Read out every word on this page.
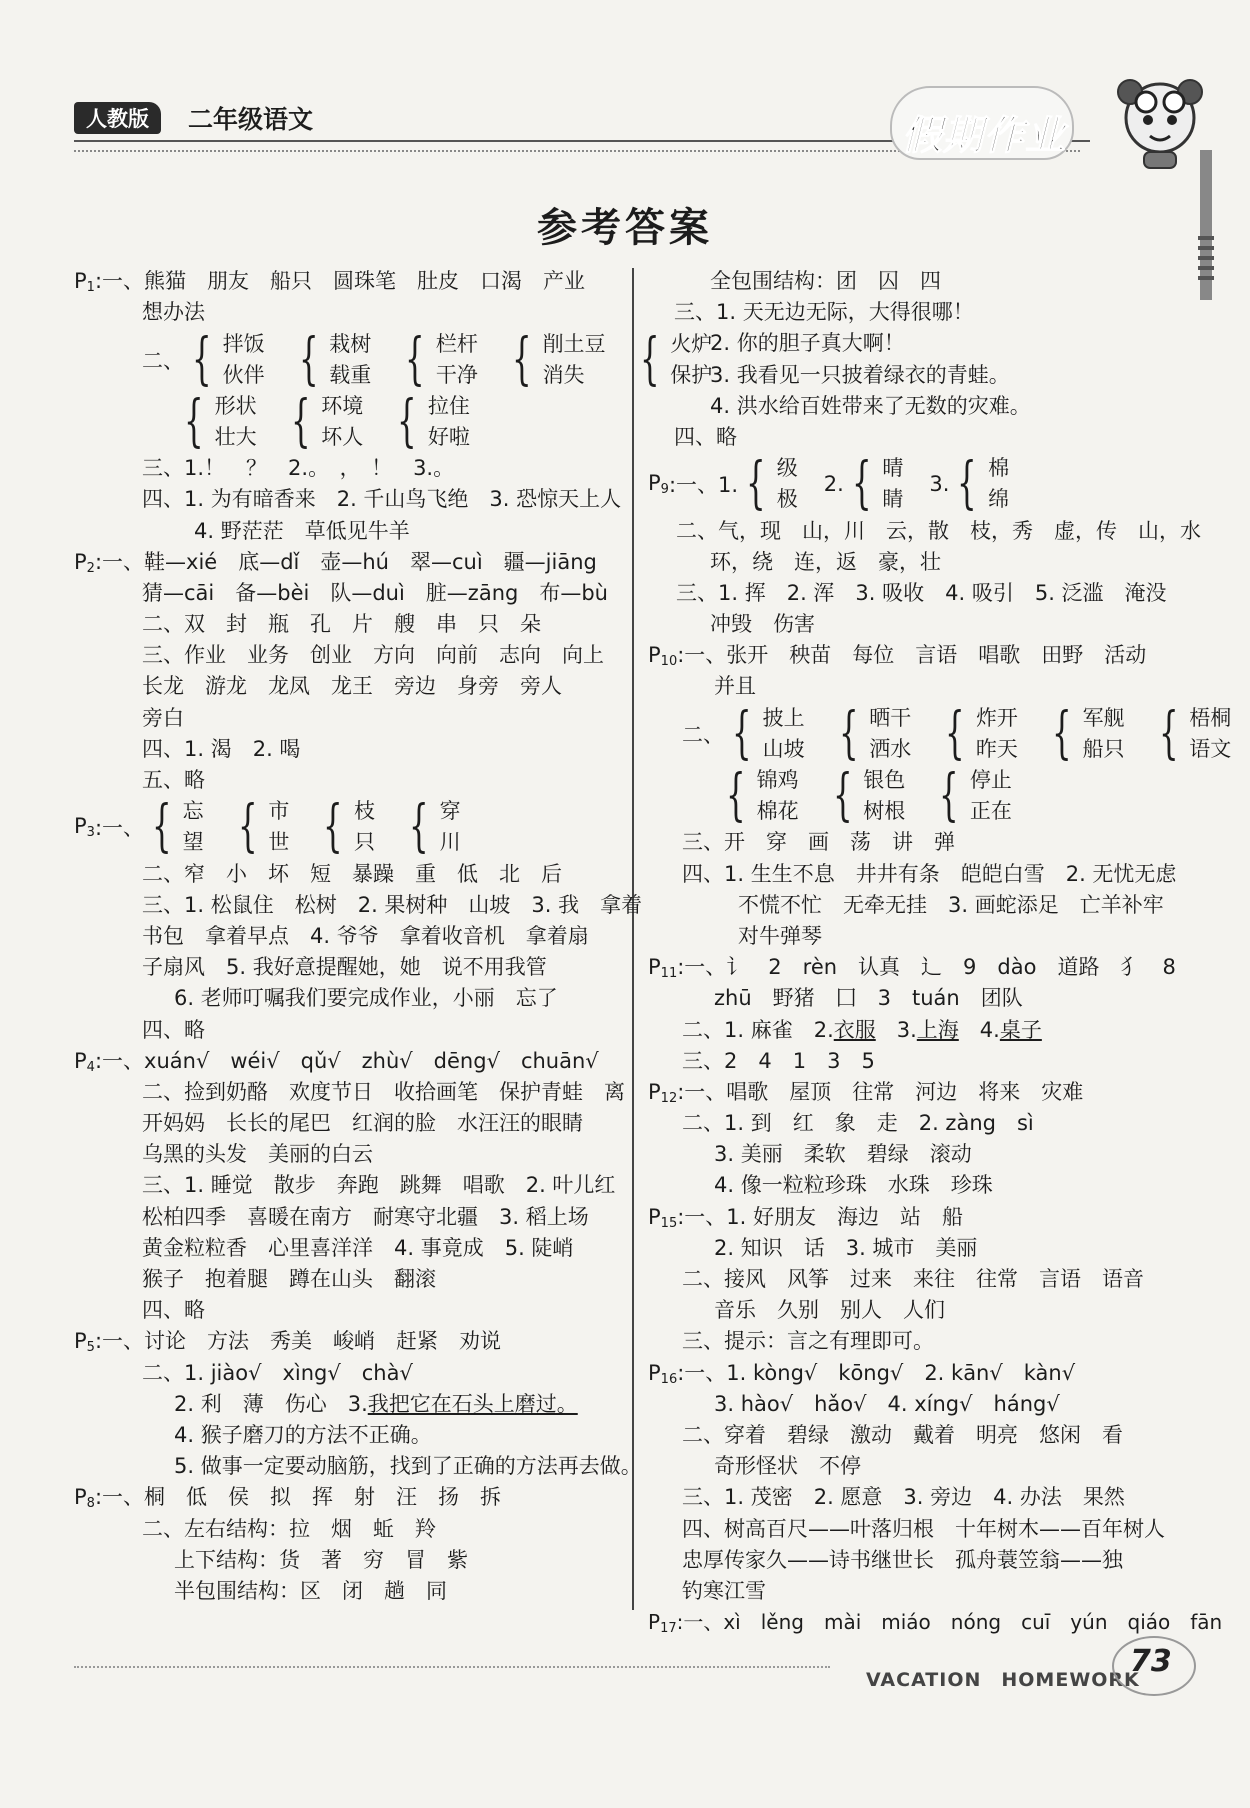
人教版	二年级语文	假期作业
参考答案
$P_1$:一、熊猫　朋友　船只　圆珠笔　肚皮　口渴　产业
想办法
二、 { 拌饭
伙伴 { 栽树
载重 { 栏杆
干净 { 削土豆
消失 { 火炉
保护
{ 形状
壮大 { 环境
坏人 { 拉住
好啦
三、1.！　？　2.。　，　！　3.。
四、1. 为有暗香来　2. 千山鸟飞绝　3. 恐惊天上人
4. 野茫茫　草低见牛羊
$P_2$:一、鞋—xié　底—dǐ　壶—hú　翠—cuì　疆—jiāng
猜—cāi　备—bèi　队—duì　脏—zāng　布—bù
二、双　封　瓶　孔　片　艘　串　只　朵
三、作业　业务　创业　方向　向前　志向　向上
长龙　游龙　龙凤　龙王　旁边　身旁　旁人
旁白
四、1. 渴　2. 喝
五、略
$P_3$ :一、 { 忘
望 { 市
世 { 枝
只 { 穿
川
二、窄　小　坏　短　暴躁　重　低　北　后
三、1. 松鼠住　松树　2. 果树种　山坡　3. 我　拿着
书包　拿着早点　4. 爷爷　拿着收音机　拿着扇
子扇风　5. 我好意提醒她，她　说不用我管
6. 老师叮嘱我们要完成作业，小丽　忘了
四、略
$P_4$:一、xuán√　wéi√　qǔ√　zhù√　dēng√　chuān√
二、捡到奶酪　欢度节日　收拾画笔　保护青蛙　离
开妈妈　长长的尾巴　红润的脸　水汪汪的眼睛
乌黑的头发　美丽的白云
三、1. 睡觉　散步　奔跑　跳舞　唱歌　2. 叶儿红
松柏四季　喜暖在南方　耐寒守北疆　3. 稻上场
黄金粒粒香　心里喜洋洋　4. 事竟成　5. 陡峭
猴子　抱着腿　蹲在山头　翻滚
四、略
$P_5$:一、讨论　方法　秀美　峻峭　赶紧　劝说
二、1. jiào√　xìng√　chà√
2. 利　薄　伤心　3.我把它在石头上磨过。
4. 猴子磨刀的方法不正确。
5. 做事一定要动脑筋，找到了正确的方法再去做。
$P_8$:一、桐　低　侯　拟　挥　射　汪　扬　拆
二、左右结构：拉　烟　蚯　羚
上下结构：货　著　穷　冒　紫
半包围结构：区　闭　趟　同
全包围结构：团　囚　四
三、1. 天无边无际，大得很哪！
2. 你的胆子真大啊！
3. 我看见一只披着绿衣的青蛙。
4. 洪水给百姓带来了无数的灾难。
四、略
$P_9$ :一、1. { 级
极
2. { 晴
睛
3. { 棉
绵
二、气，现　山，川　云，散　枝，秀　虚，传　山，水
环，绕　连，返　豪，壮
三、1. 挥　2. 浑　3. 吸收　4. 吸引　5. 泛滥　淹没
冲毁　伤害
$P_{10}$:一、张开　秧苗　每位　言语　唱歌　田野　活动
并且
二、 { 披上
山坡 { 晒干
洒水 { 炸开
昨天 { 军舰
船只 { 梧桐
语文
{ 锦鸡
棉花 { 银色
树根 { 停止
正在
三、开　穿　画　荡　讲　弹
四、1. 生生不息　井井有条　皑皑白雪　2. 无忧无虑
不慌不忙　无牵无挂　3. 画蛇添足　亡羊补牢
对牛弹琴
$P_{11}$:一、讠　2　rèn　认真　辶　9　dào　道路　犭　8
zhū　野猪　囗　3　tuán　团队
二、1. 麻雀　2.衣服　 3.上海　 4.桌子
三、2　4　1　3　5
$P_{12}$:一、唱歌　屋顶　往常　河边　将来　灾难
二、1. 到　红　象　走　2. zàng　sì
3. 美丽　柔软　碧绿　滚动
4. 像一粒粒珍珠　水珠　珍珠
$P_{15}$:一、1. 好朋友　海边　站　船
2. 知识　话　3. 城市　美丽
二、接风　风筝　过来　来往　往常　言语　语音
音乐　久别　别人　人们
三、提示：言之有理即可。
$P_{16}$:一、1. kòng√　kōng√　2. kān√　kàn√
3. hào√　hǎo√　4. xíng√　háng√
二、穿着　碧绿　激动　戴着　明亮　悠闲　看
奇形怪状　不停
三、1. 茂密　2. 愿意　3. 旁边　4. 办法　果然
四、树高百尺——叶落归根　十年树木——百年树人
忠厚传家久——诗书继世长　孤舟蓑笠翁——独
钓寒江雪
$P_{17}$:一、xì　lěng　mài　miáo　nóng　cuī　yún　qiáo　fān
VACATION　HOMEWORK
73
